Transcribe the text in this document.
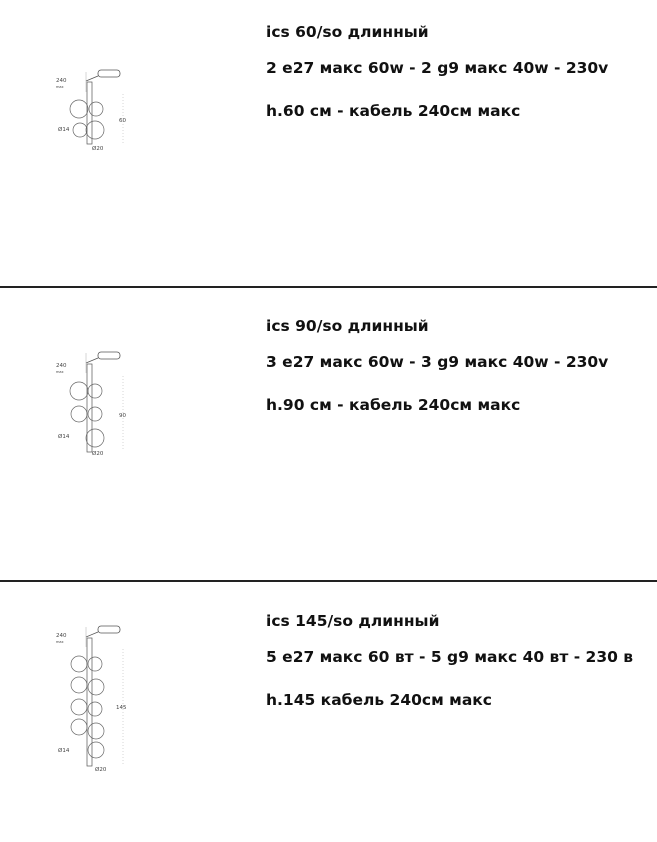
240
max
60
Ø14
Ø20
ics 60/so длинный
2 e27 макс 60w - 2 g9 макс 40w - 230v
h.60 см - кабель 240см макс
240
max
90
Ø14
Ø20
ics 90/so длинный
3 e27 макс 60w - 3 g9 макс 40w - 230v
h.90 см - кабель 240см макс
240
max
145
Ø14
Ø20
ics 145/so длинный
5 e27 макс 60 вт - 5 g9 макс 40 вт - 230 в
h.145 кабель 240см макс
